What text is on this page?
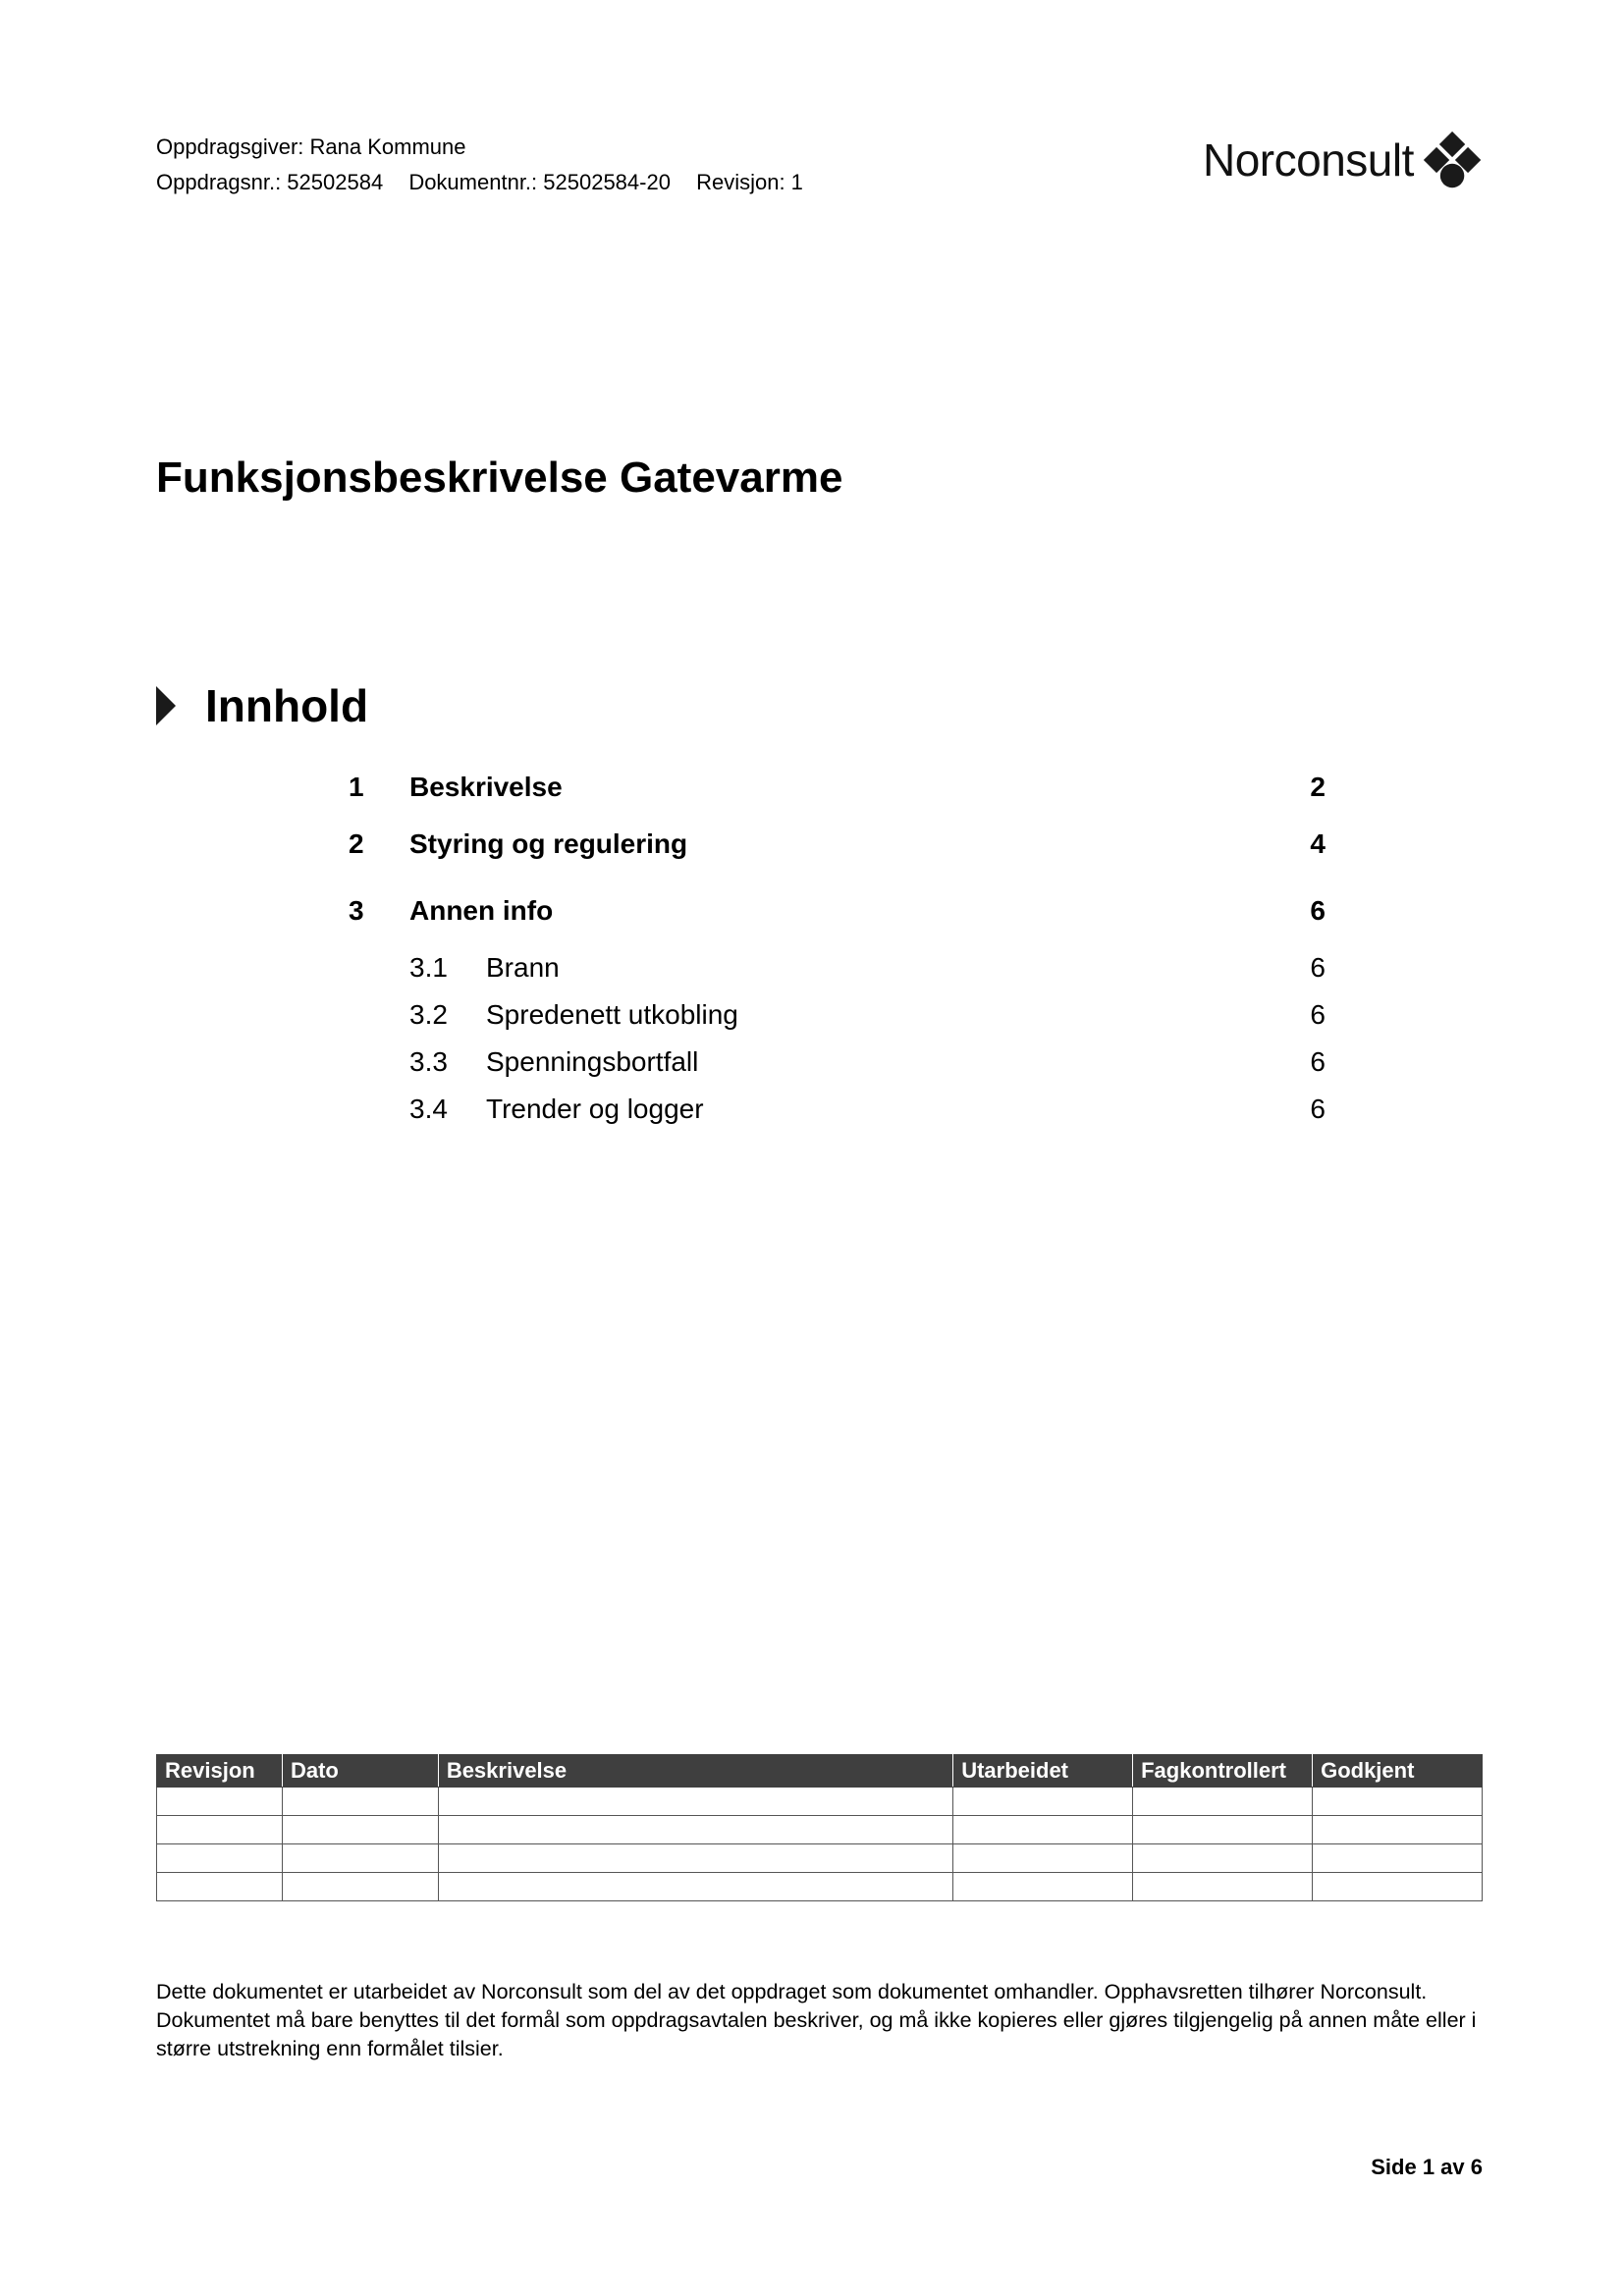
Oppdragsgiver: Rana Kommune
Oppdragsnr.: 52502584 Dokumentnr.: 52502584-20 Revisjon: 1	Norconsult
Funksjonsbeskrivelse Gatevarme
Innhold
1	Beskrivelse	2
2	Styring og regulering	4
3	Annen info	6
3.1	Brann	6
3.2	Spredenett utkobling	6
3.3	Spenningsbortfall	6
3.4	Trender og logger	6
Revisjon	Dato	Beskrivelse	Utarbeidet	Fagkontrollert	Godkjent

Dette dokumentet er utarbeidet av Norconsult som del av det oppdraget som dokumentet omhandler. Opphavsretten tilhører Norconsult. Dokumentet må bare benyttes til det formål som oppdragsavtalen beskriver, og må ikke kopieres eller gjøres tilgjengelig på annen måte eller i større utstrekning enn formålet tilsier.
Side 1 av 6
